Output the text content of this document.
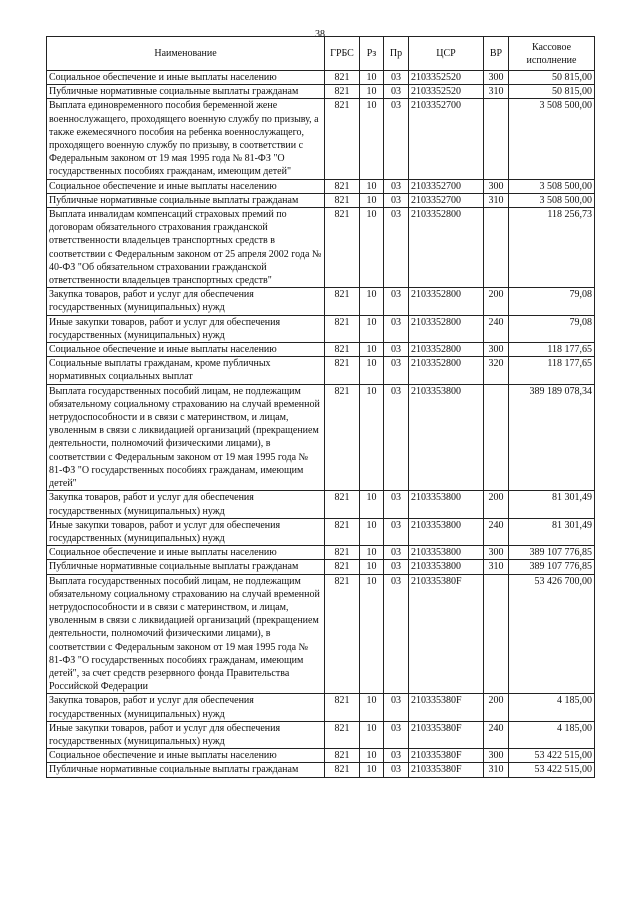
38
Наименование	ГРБС	Рз	Пр	ЦСР	ВР	Кассовое
исполнение
Социальное обеспечение и иные выплаты населению	821	10	03	2103352520	300	50 815,00
Публичные нормативные социальные выплаты гражданам	821	10	03	2103352520	310	50 815,00
Выплата единовременного пособия беременной жене военнослужащего, проходящего военную службу по призыву, а также ежемесячного пособия на ребенка военнослужащего, проходящего военную службу по призыву, в соответствии с Федеральным законом от 19 мая 1995 года № 81-ФЗ "О государственных пособиях гражданам, имеющим детей"	821	10	03	2103352700		3 508 500,00
Социальное обеспечение и иные выплаты населению	821	10	03	2103352700	300	3 508 500,00
Публичные нормативные социальные выплаты гражданам	821	10	03	2103352700	310	3 508 500,00
Выплата инвалидам компенсаций страховых премий по договорам обязательного страхования гражданской ответственности владельцев транспортных средств в соответствии с Федеральным законом от 25 апреля 2002 года № 40-ФЗ "Об обязательном страховании гражданской ответственности владельцев транспортных средств"	821	10	03	2103352800		118 256,73
Закупка товаров, работ и услуг для обеспечения государственных (муниципальных) нужд	821	10	03	2103352800	200	79,08
Иные закупки товаров, работ и услуг для обеспечения государственных (муниципальных) нужд	821	10	03	2103352800	240	79,08
Социальное обеспечение и иные выплаты населению	821	10	03	2103352800	300	118 177,65
Социальные выплаты гражданам, кроме публичных нормативных социальных выплат	821	10	03	2103352800	320	118 177,65
Выплата государственных пособий лицам, не подлежащим обязательному социальному страхованию на случай временной нетрудоспособности и в связи с материнством, и лицам, уволенным в связи с ликвидацией организаций (прекращением деятельности, полномочий физическими лицами), в соответствии с Федеральным законом от 19 мая 1995 года № 81-ФЗ "О государственных пособиях гражданам, имеющим детей"	821	10	03	2103353800		389 189 078,34
Закупка товаров, работ и услуг для обеспечения государственных (муниципальных) нужд	821	10	03	2103353800	200	81 301,49
Иные закупки товаров, работ и услуг для обеспечения государственных (муниципальных) нужд	821	10	03	2103353800	240	81 301,49
Социальное обеспечение и иные выплаты населению	821	10	03	2103353800	300	389 107 776,85
Публичные нормативные социальные выплаты гражданам	821	10	03	2103353800	310	389 107 776,85
Выплата государственных пособий лицам, не подлежащим обязательному социальному страхованию на случай временной нетрудоспособности и в связи с материнством, и лицам, уволенным в связи с ликвидацией организаций (прекращением деятельности, полномочий физическими лицами), в соответствии с Федеральным законом от 19 мая 1995 года № 81-ФЗ "О государственных пособиях гражданам, имеющим детей", за счет средств резервного фонда Правительства Российской Федерации	821	10	03	210335380F		53 426 700,00
Закупка товаров, работ и услуг для обеспечения государственных (муниципальных) нужд	821	10	03	210335380F	200	4 185,00
Иные закупки товаров, работ и услуг для обеспечения государственных (муниципальных) нужд	821	10	03	210335380F	240	4 185,00
Социальное обеспечение и иные выплаты населению	821	10	03	210335380F	300	53 422 515,00
Публичные нормативные социальные выплаты гражданам	821	10	03	210335380F	310	53 422 515,00
